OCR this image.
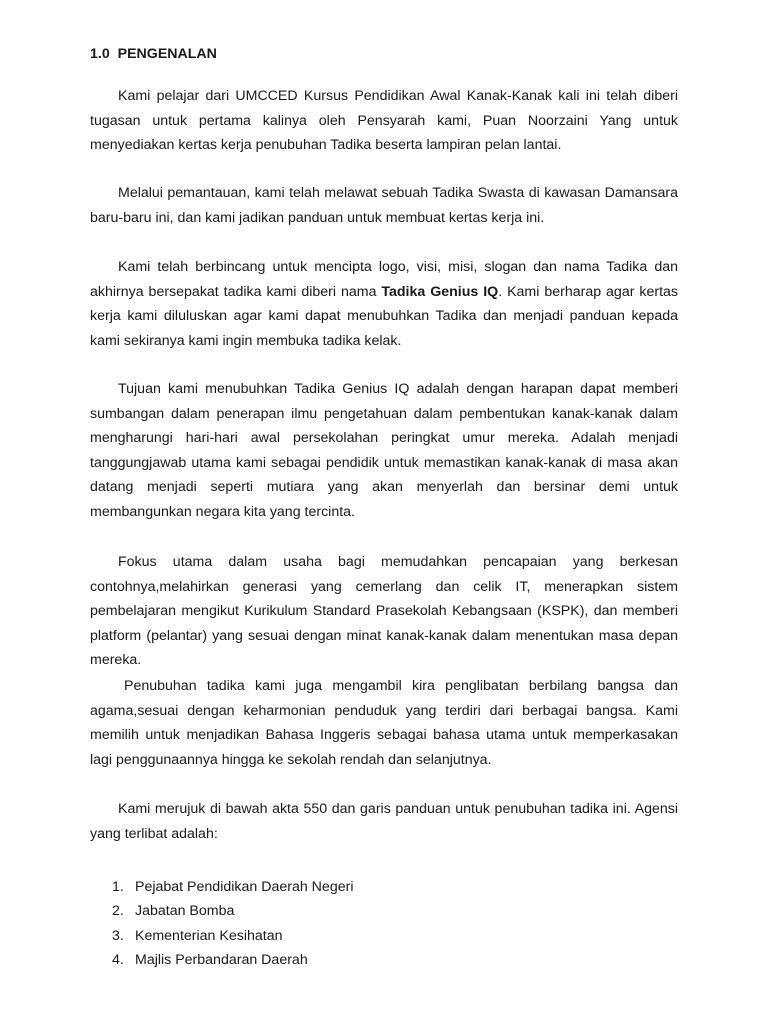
1.0  PENGENALAN

Kami pelajar dari UMCCED Kursus Pendidikan Awal Kanak-Kanak kali ini telah diberi tugasan untuk pertama kalinya oleh Pensyarah kami, Puan Noorzaini Yang untuk menyediakan kertas kerja penubuhan Tadika beserta lampiran pelan lantai.

Melalui pemantauan, kami telah melawat sebuah Tadika Swasta di kawasan Damansara baru-baru ini, dan kami jadikan panduan untuk membuat kertas kerja ini.

Kami telah berbincang untuk mencipta logo, visi, misi, slogan dan nama Tadika dan akhirnya bersepakat tadika kami diberi nama Tadika Genius IQ. Kami berharap agar kertas kerja kami diluluskan agar kami dapat menubuhkan Tadika dan menjadi panduan kepada kami sekiranya kami ingin membuka tadika kelak.

Tujuan kami menubuhkan Tadika Genius IQ adalah dengan harapan dapat memberi sumbangan dalam penerapan ilmu pengetahuan dalam pembentukan kanak-kanak dalam mengharungi hari-hari awal persekolahan peringkat umur mereka. Adalah menjadi tanggungjawab utama kami sebagai pendidik untuk memastikan kanak-kanak di masa akan datang menjadi seperti mutiara yang akan menyerlah dan bersinar demi untuk membangunkan negara kita yang tercinta.

Fokus utama dalam usaha bagi memudahkan pencapaian yang berkesan contohnya,melahirkan generasi yang cemerlang dan celik IT, menerapkan sistem pembelajaran mengikut Kurikulum Standard Prasekolah Kebangsaan (KSPK), dan memberi platform (pelantar) yang sesuai dengan minat kanak-kanak dalam menentukan masa depan mereka.

Penubuhan tadika kami juga mengambil kira penglibatan berbilang bangsa dan agama,sesuai dengan keharmonian penduduk yang terdiri dari berbagai bangsa. Kami memilih untuk menjadikan Bahasa Inggeris sebagai bahasa utama untuk memperkasakan lagi penggunaannya hingga ke sekolah rendah dan selanjutnya.

Kami merujuk di bawah akta 550 dan garis panduan untuk penubuhan tadika ini. Agensi yang terlibat adalah:

1. Pejabat Pendidikan Daerah Negeri
2. Jabatan Bomba
3. Kementerian Kesihatan
4. Majlis Perbandaran Daerah
